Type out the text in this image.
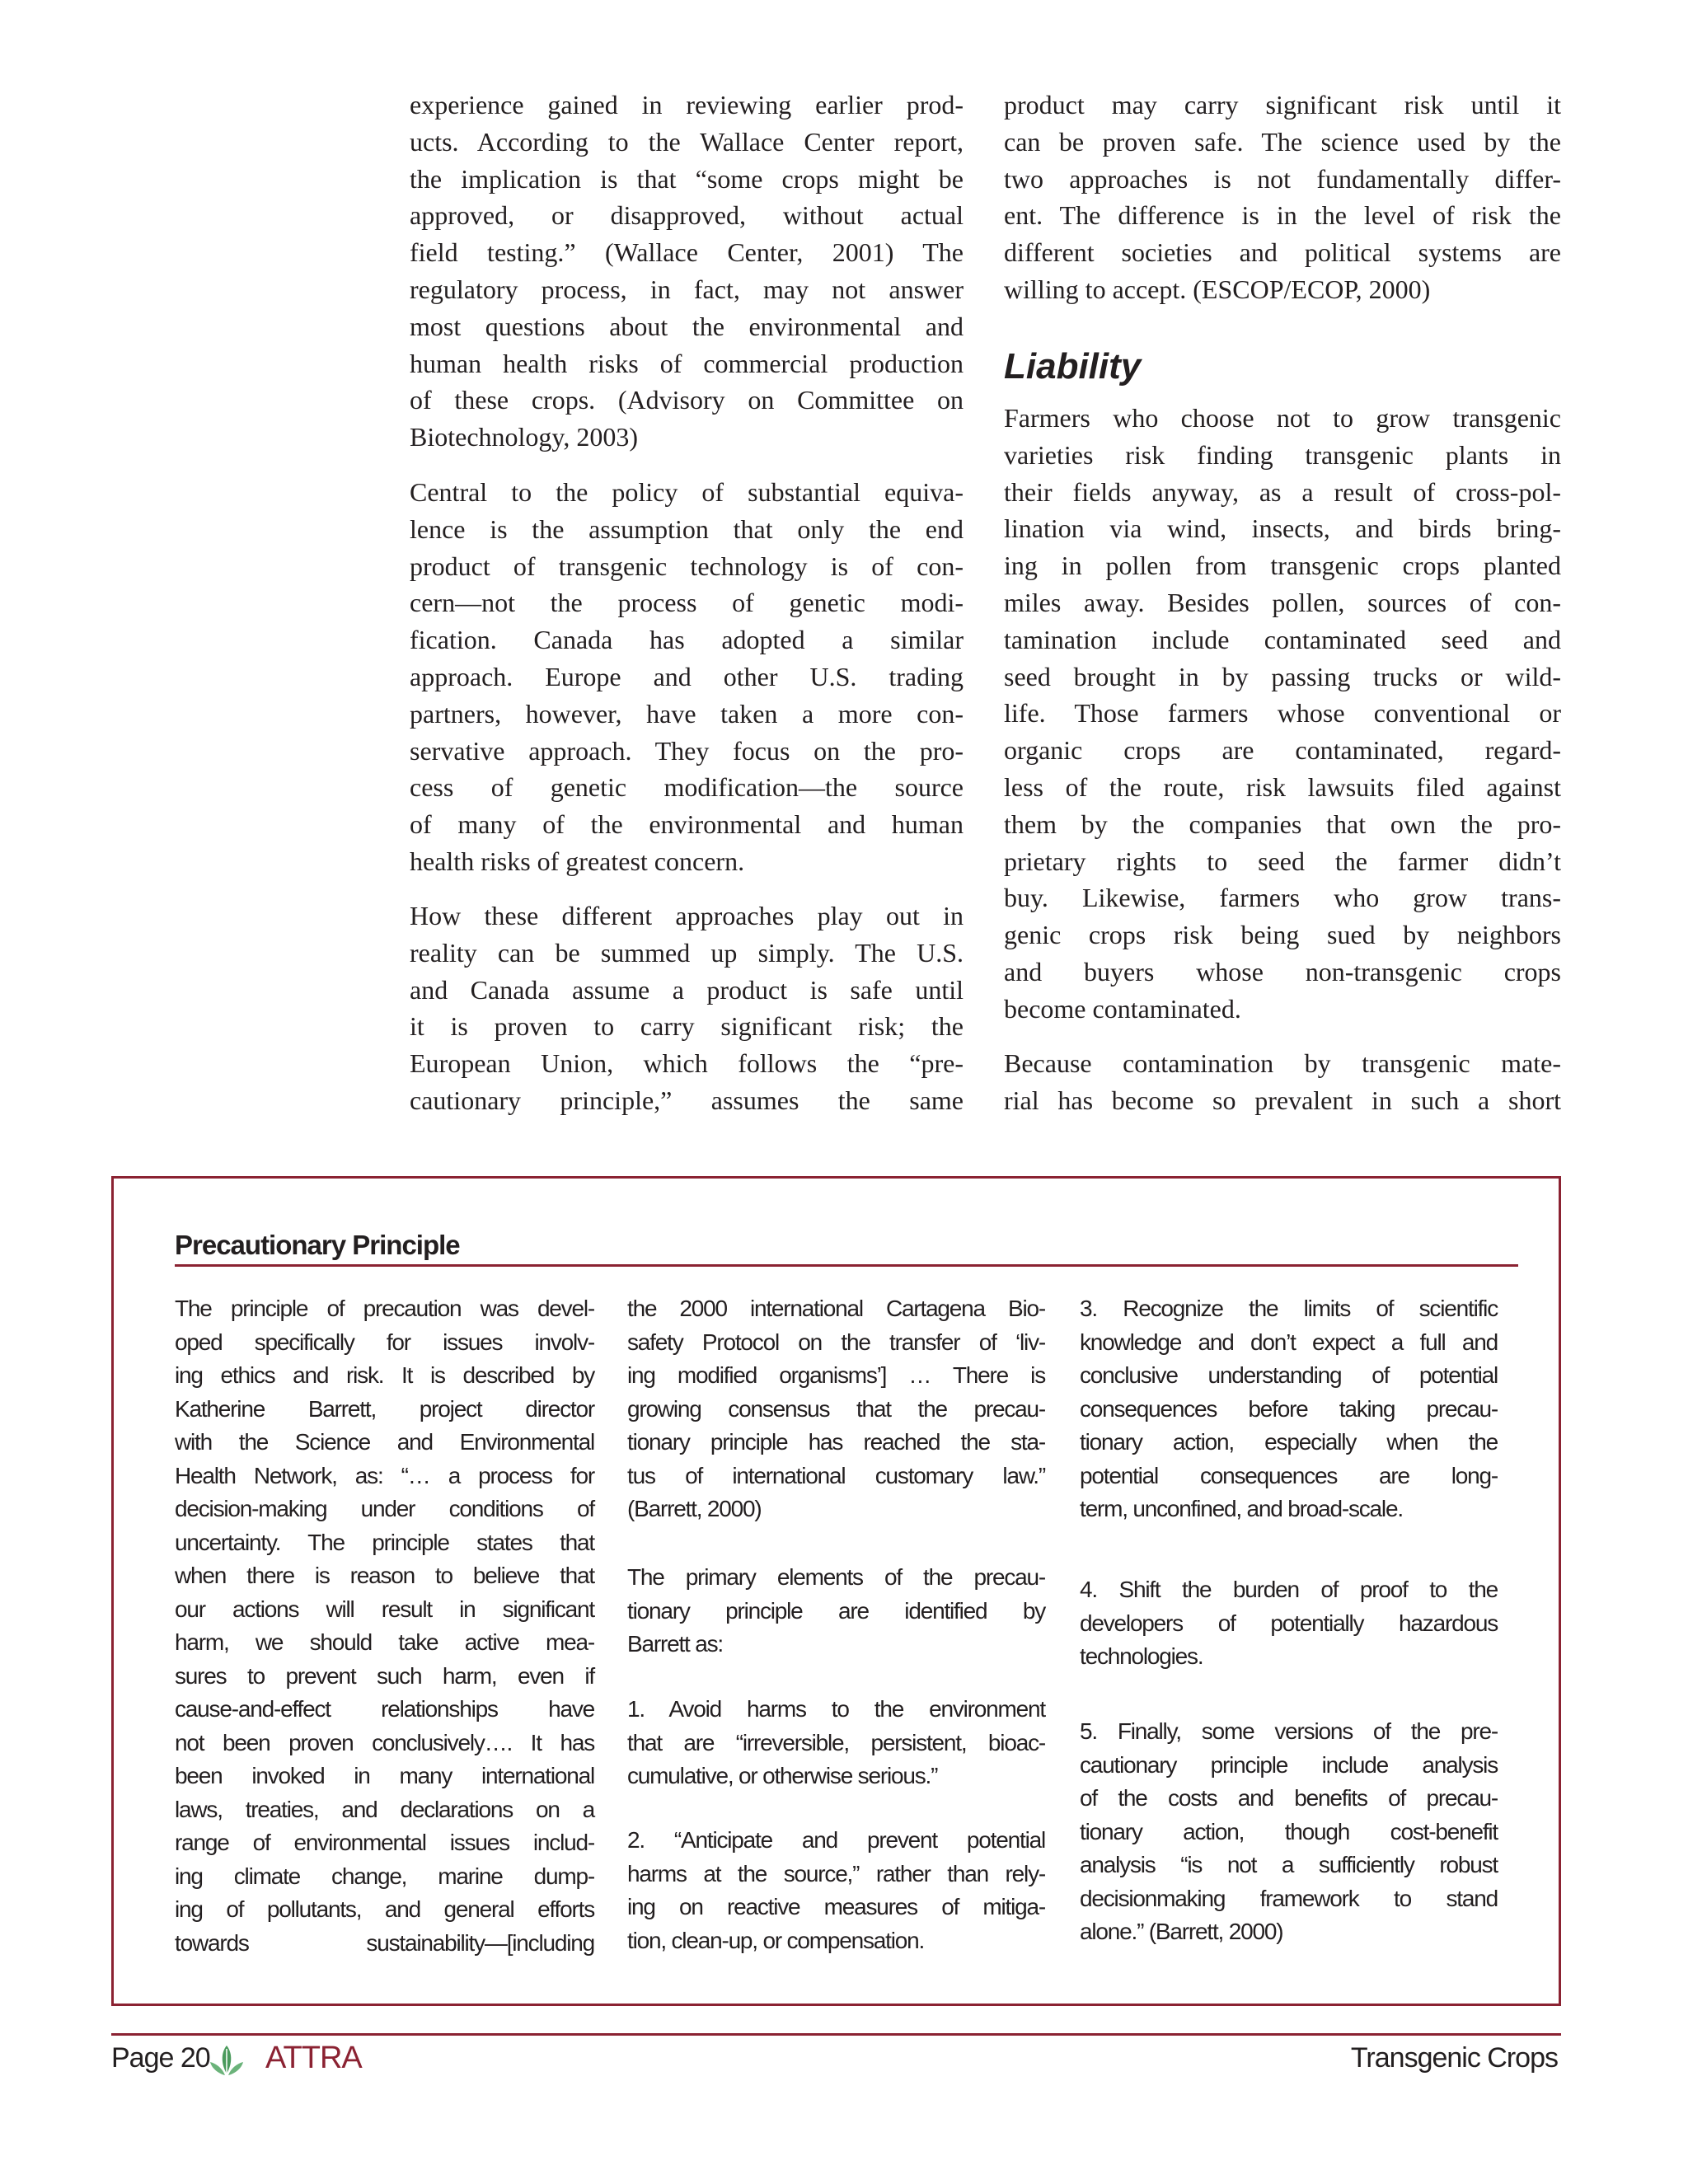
experience gained in reviewing earlier prod-
ucts. According to the Wallace Center report,
the implication is that “some crops might be
approved, or disapproved, without actual
field testing.” (Wallace Center, 2001) The
regulatory process, in fact, may not answer
most questions about the environmental and
human health risks of commercial production
of these crops. (Advisory on Committee on
Biotechnology, 2003)
Central to the policy of substantial equiva-
lence is the assumption that only the end
product of transgenic technology is of con-
cern—not the process of genetic modi-
fication. Canada has adopted a similar
approach. Europe and other U.S. trading
partners, however, have taken a more con-
servative approach. They focus on the pro-
cess of genetic modification—the source
of many of the environmental and human
health risks of greatest concern.
How these different approaches play out in
reality can be summed up simply. The U.S.
and Canada assume a product is safe until
it is proven to carry significant risk; the
European Union, which follows the “pre-
cautionary principle,” assumes the same
product may carry significant risk until it
can be proven safe. The science used by the
two approaches is not fundamentally differ-
ent. The difference is in the level of risk the
different societies and political systems are
willing to accept. (ESCOP/ECOP, 2000)
Liability
Farmers who choose not to grow transgenic
varieties risk finding transgenic plants in
their fields anyway, as a result of cross-pol-
lination via wind, insects, and birds bring-
ing in pollen from transgenic crops planted
miles away. Besides pollen, sources of con-
tamination include contaminated seed and
seed brought in by passing trucks or wild-
life. Those farmers whose conventional or
organic crops are contaminated, regard-
less of the route, risk lawsuits filed against
them by the companies that own the pro-
prietary rights to seed the farmer didn’t
buy. Likewise, farmers who grow trans-
genic crops risk being sued by neighbors
and buyers whose non-transgenic crops
become contaminated.
Because contamination by transgenic mate-
rial has become so prevalent in such a short
Precautionary Principle
The principle of precaution was devel-
oped specifically for issues involv-
ing ethics and risk. It is described by
Katherine Barrett, project director
with the Science and Environmental
Health Network, as: “… a process for
decision-making under conditions of
uncertainty. The principle states that
when there is reason to believe that
our actions will result in significant
harm, we should take active mea-
sures to prevent such harm, even if
cause-and-effect relationships have
not been proven conclusively…. It has
been invoked in many international
laws, treaties, and declarations on a
range of environmental issues includ-
ing climate change, marine dump-
ing of pollutants, and general efforts
towards sustainability—[including
the 2000 international Cartagena Bio-
safety Protocol on the transfer of ‘liv-
ing modified organisms’] … There is
growing consensus that the precau-
tionary principle has reached the sta-
tus of international customary law.”
(Barrett, 2000)
The primary elements of the precau-
tionary principle are identified by
Barrett as:
1. Avoid harms to the environment
that are “irreversible, persistent, bioac-
cumulative, or otherwise serious.”
2. “Anticipate and prevent potential
harms at the source,” rather than rely-
ing on reactive measures of mitiga-
tion, clean-up, or compensation.
3. Recognize the limits of scientific
knowledge and don’t expect a full and
conclusive understanding of potential
consequences before taking precau-
tionary action, especially when the
potential consequences are long-
term, unconfined, and broad-scale.
4. Shift the burden of proof to the
developers of potentially hazardous
technologies.
5. Finally, some versions of the pre-
cautionary principle include analysis
of the costs and benefits of precau-
tionary action, though cost-benefit
analysis “is not a sufficiently robust
decisionmaking framework to stand
alone.” (Barrett, 2000)
Page 20 ATTRA	Transgenic Crops
